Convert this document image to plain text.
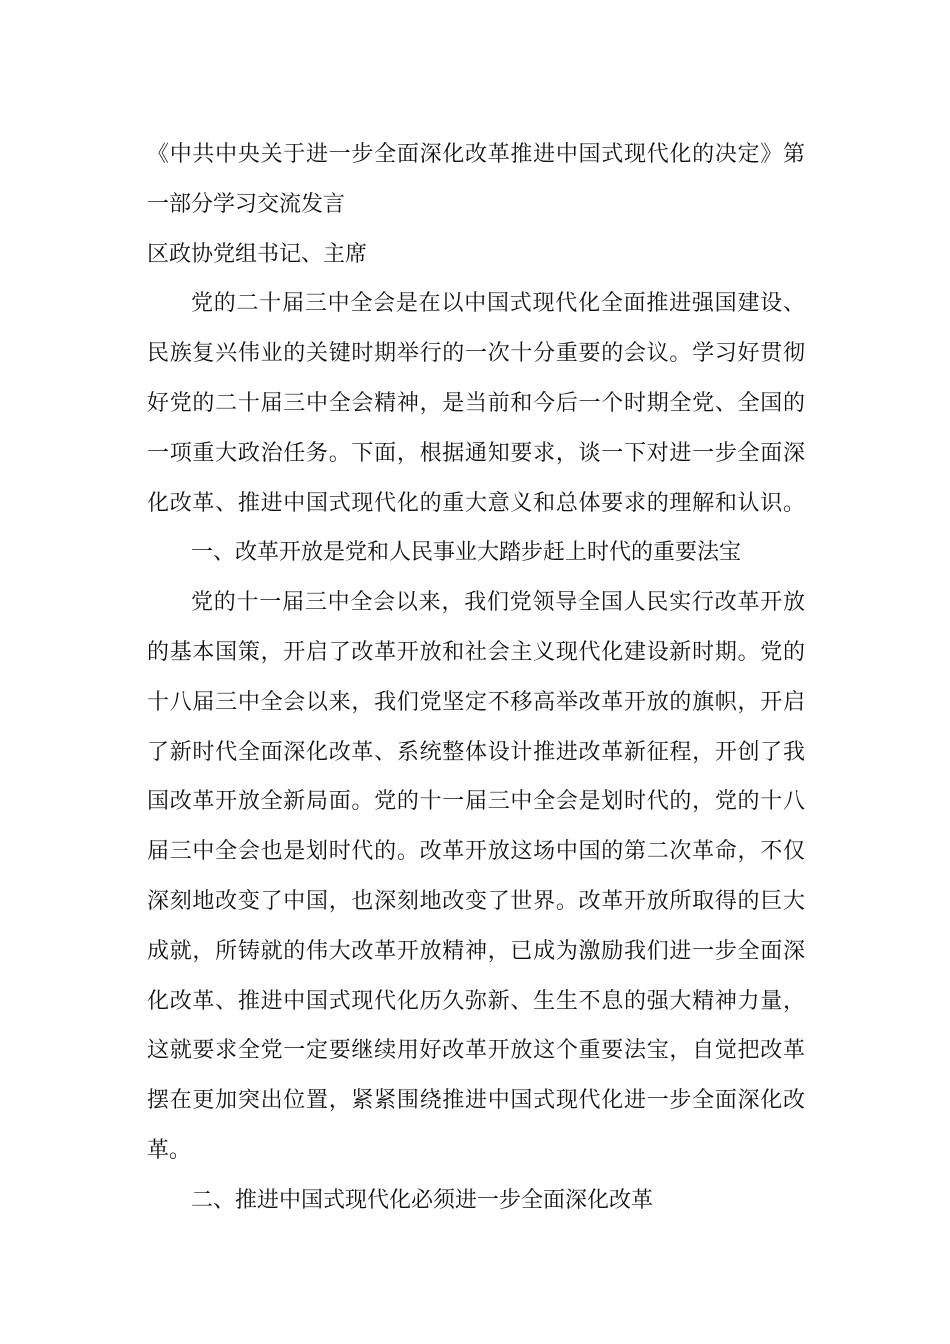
《中共中央关于进一步全面深化改革推进中国式现代化的决定》第
一部分学习交流发言
区政协党组书记、主席
党的二十届三中全会是在以中国式现代化全面推进强国建设、
民族复兴伟业的关键时期举行的一次十分重要的会议。学习好贯彻
好党的二十届三中全会精神，是当前和今后一个时期全党、全国的
一项重大政治任务。下面，根据通知要求，谈一下对进一步全面深
化改革、推进中国式现代化的重大意义和总体要求的理解和认识。
一、改革开放是党和人民事业大踏步赶上时代的重要法宝
党的十一届三中全会以来，我们党领导全国人民实行改革开放
的基本国策，开启了改革开放和社会主义现代化建设新时期。党的
十八届三中全会以来，我们党坚定不移高举改革开放的旗帜，开启
了新时代全面深化改革、系统整体设计推进改革新征程，开创了我
国改革开放全新局面。党的十一届三中全会是划时代的，党的十八
届三中全会也是划时代的。改革开放这场中国的第二次革命，不仅
深刻地改变了中国，也深刻地改变了世界。改革开放所取得的巨大
成就，所铸就的伟大改革开放精神，已成为激励我们进一步全面深
化改革、推进中国式现代化历久弥新、生生不息的强大精神力量，
这就要求全党一定要继续用好改革开放这个重要法宝，自觉把改革
摆在更加突出位置，紧紧围绕推进中国式现代化进一步全面深化改
革。
二、推进中国式现代化必须进一步全面深化改革
